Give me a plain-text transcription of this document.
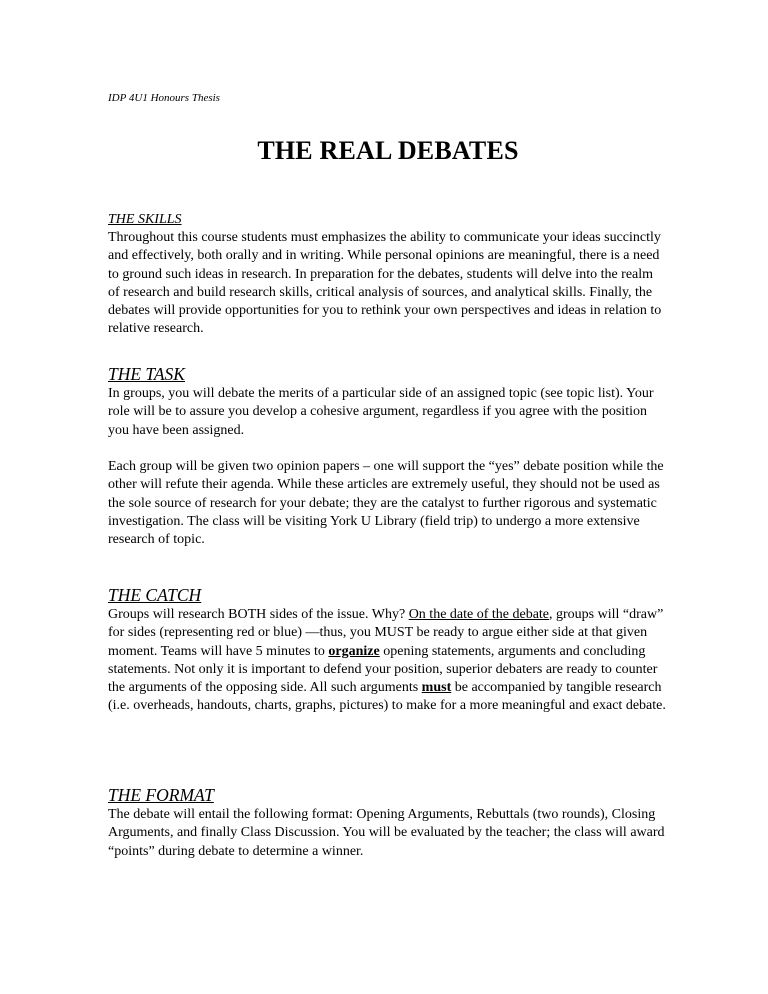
IDP 4U1 Honours Thesis
THE REAL DEBATES

THE SKILLS

Throughout this course students must emphasizes the ability to communicate your ideas succinctly and effectively, both orally and in writing. While personal opinions are meaningful, there is a need to ground such ideas in research. In preparation for the debates, students will delve into the realm of research and build research skills, critical analysis of sources, and analytical skills. Finally, the debates will provide opportunities for you to rethink your own perspectives and ideas in relation to relative research.

THE TASK

In groups, you will debate the merits of a particular side of an assigned topic (see topic list). Your role will be to assure you develop a cohesive argument, regardless if you agree with the position you have been assigned.

Each group will be given two opinion papers – one will support the “yes” debate position while the other will refute their agenda. While these articles are extremely useful, they should not be used as the sole source of research for your debate; they are the catalyst to further rigorous and systematic investigation. The class will be visiting York U Library (field trip) to undergo a more extensive research of topic.

THE CATCH

Groups will research BOTH sides of the issue. Why? On the date of the debate, groups will “draw” for sides (representing red or blue) —thus, you MUST be ready to argue either side at that given moment. Teams will have 5 minutes to organize opening statements, arguments and concluding statements. Not only it is important to defend your position, superior debaters are ready to counter the arguments of the opposing side. All such arguments must be accompanied by tangible research (i.e. overheads, handouts, charts, graphs, pictures) to make for a more meaningful and exact debate.

THE FORMAT

The debate will entail the following format: Opening Arguments, Rebuttals (two rounds), Closing Arguments, and finally Class Discussion. You will be evaluated by the teacher; the class will award “points” during debate to determine a winner.
